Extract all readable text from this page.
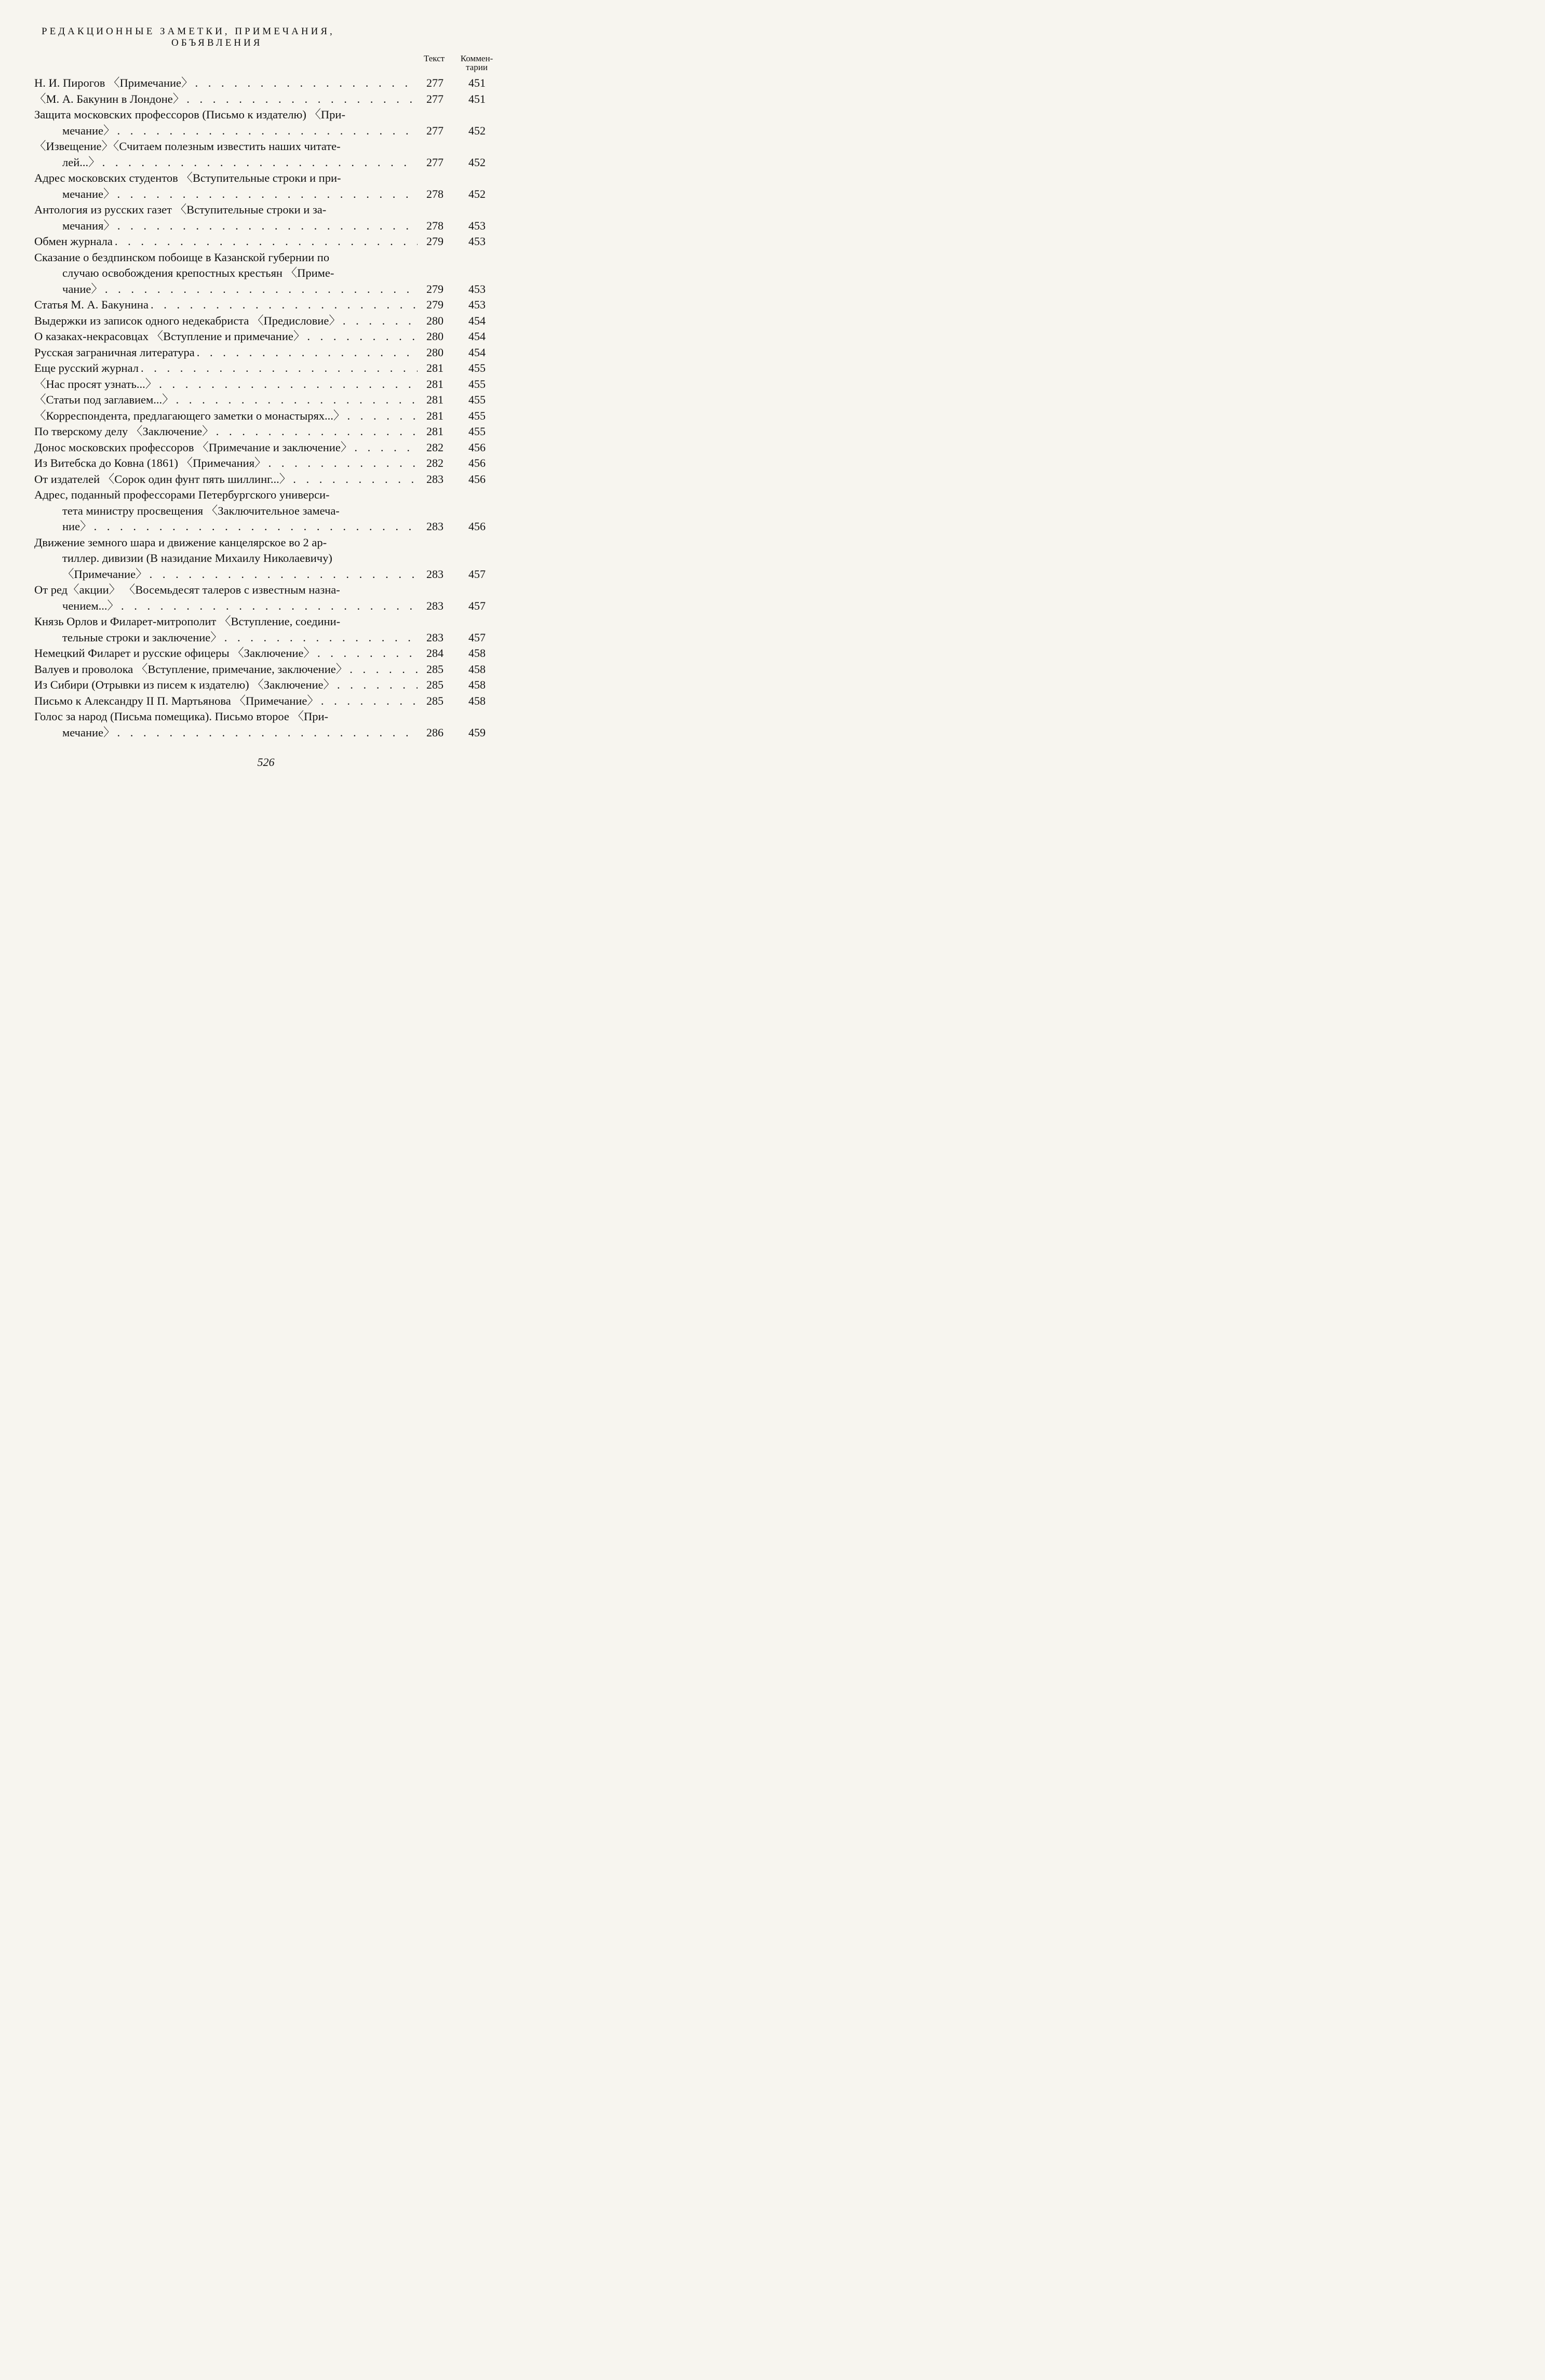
РЕДАКЦИОННЫЕ ЗАМЕТКИ, ПРИМЕЧАНИЯ,
ОБЪЯВЛЕНИЯ
Текст	Коммен-
тарии
Н. И. Пирогов 〈Примечание〉 . . .	277	451
〈М. А. Бакунин в Лондоне〉 . . .	277	451
Защита московских профессоров (Письмо к издателю) 〈При-
мечание〉 . . .	277	452
〈Извещение〉〈Считаем полезным известить наших читате-
лей...〉 . . .	277	452
Адрес московских студентов 〈Вступительные строки и при-
мечание〉 . . .	278	452
Антология из русских газет 〈Вступительные строки и за-
мечания〉 . . .	278	453
Обмен журнала . . .	279	453
Сказание о бездпинском побоище в Казанской губернии по
случаю освобождения крепостных крестьян 〈Приме-
чание〉 . . .	279	453
Статья М. А. Бакунина . . .	279	453
Выдержки из записок одного недекабриста 〈Предисловие〉 . . .	280	454
О казаках-некрасовцах 〈Вступление и примечание〉 . . .	280	454
Русская заграничная литература . . .	280	454
Еще русский журнал . . .	281	455
〈Нас просят узнать...〉 . . .	281	455
〈Статьи под заглавием...〉 . . .	281	455
〈Корреспондента, предлагающего заметки о монастырях...〉 . . .	281	455
По тверскому делу 〈Заключение〉 . . .	281	455
Донос московских профессоров 〈Примечание и заключение〉 . . .	282	456
Из Витебска до Ковна (1861) 〈Примечания〉 . . .	282	456
От издателей 〈Сорок один фунт пять шиллинг...〉 . . .	283	456
Адрес, поданный профессорами Петербургского универси-
тета министру просвещения 〈Заключительное замеча-
ние〉 . . .	283	456
Движение земного шара и движение канцелярское во 2 ар-
тиллер. дивизии (В назидание Михаилу Николаевичу)
〈Примечание〉 . . .	283	457
От ред〈акции〉 〈Восемьдесят талеров с известным назна-
чением...〉 . . .	283	457
Князь Орлов и Филарет-митрополит 〈Вступление, соедини-
тельные строки и заключение〉 . . .	283	457
Немецкий Филарет и русские офицеры 〈Заключение〉 . . .	284	458
Валуев и проволока 〈Вступление, примечание, заключение〉 . . .	285	458
Из Сибири (Отрывки из писем к издателю) 〈Заключение〉 . . .	285	458
Письмо к Александру II П. Мартьянова 〈Примечание〉 . . .	285	458
Голос за народ (Письма помещика). Письмо второе 〈При-
мечание〉 . . .	286	459
526
